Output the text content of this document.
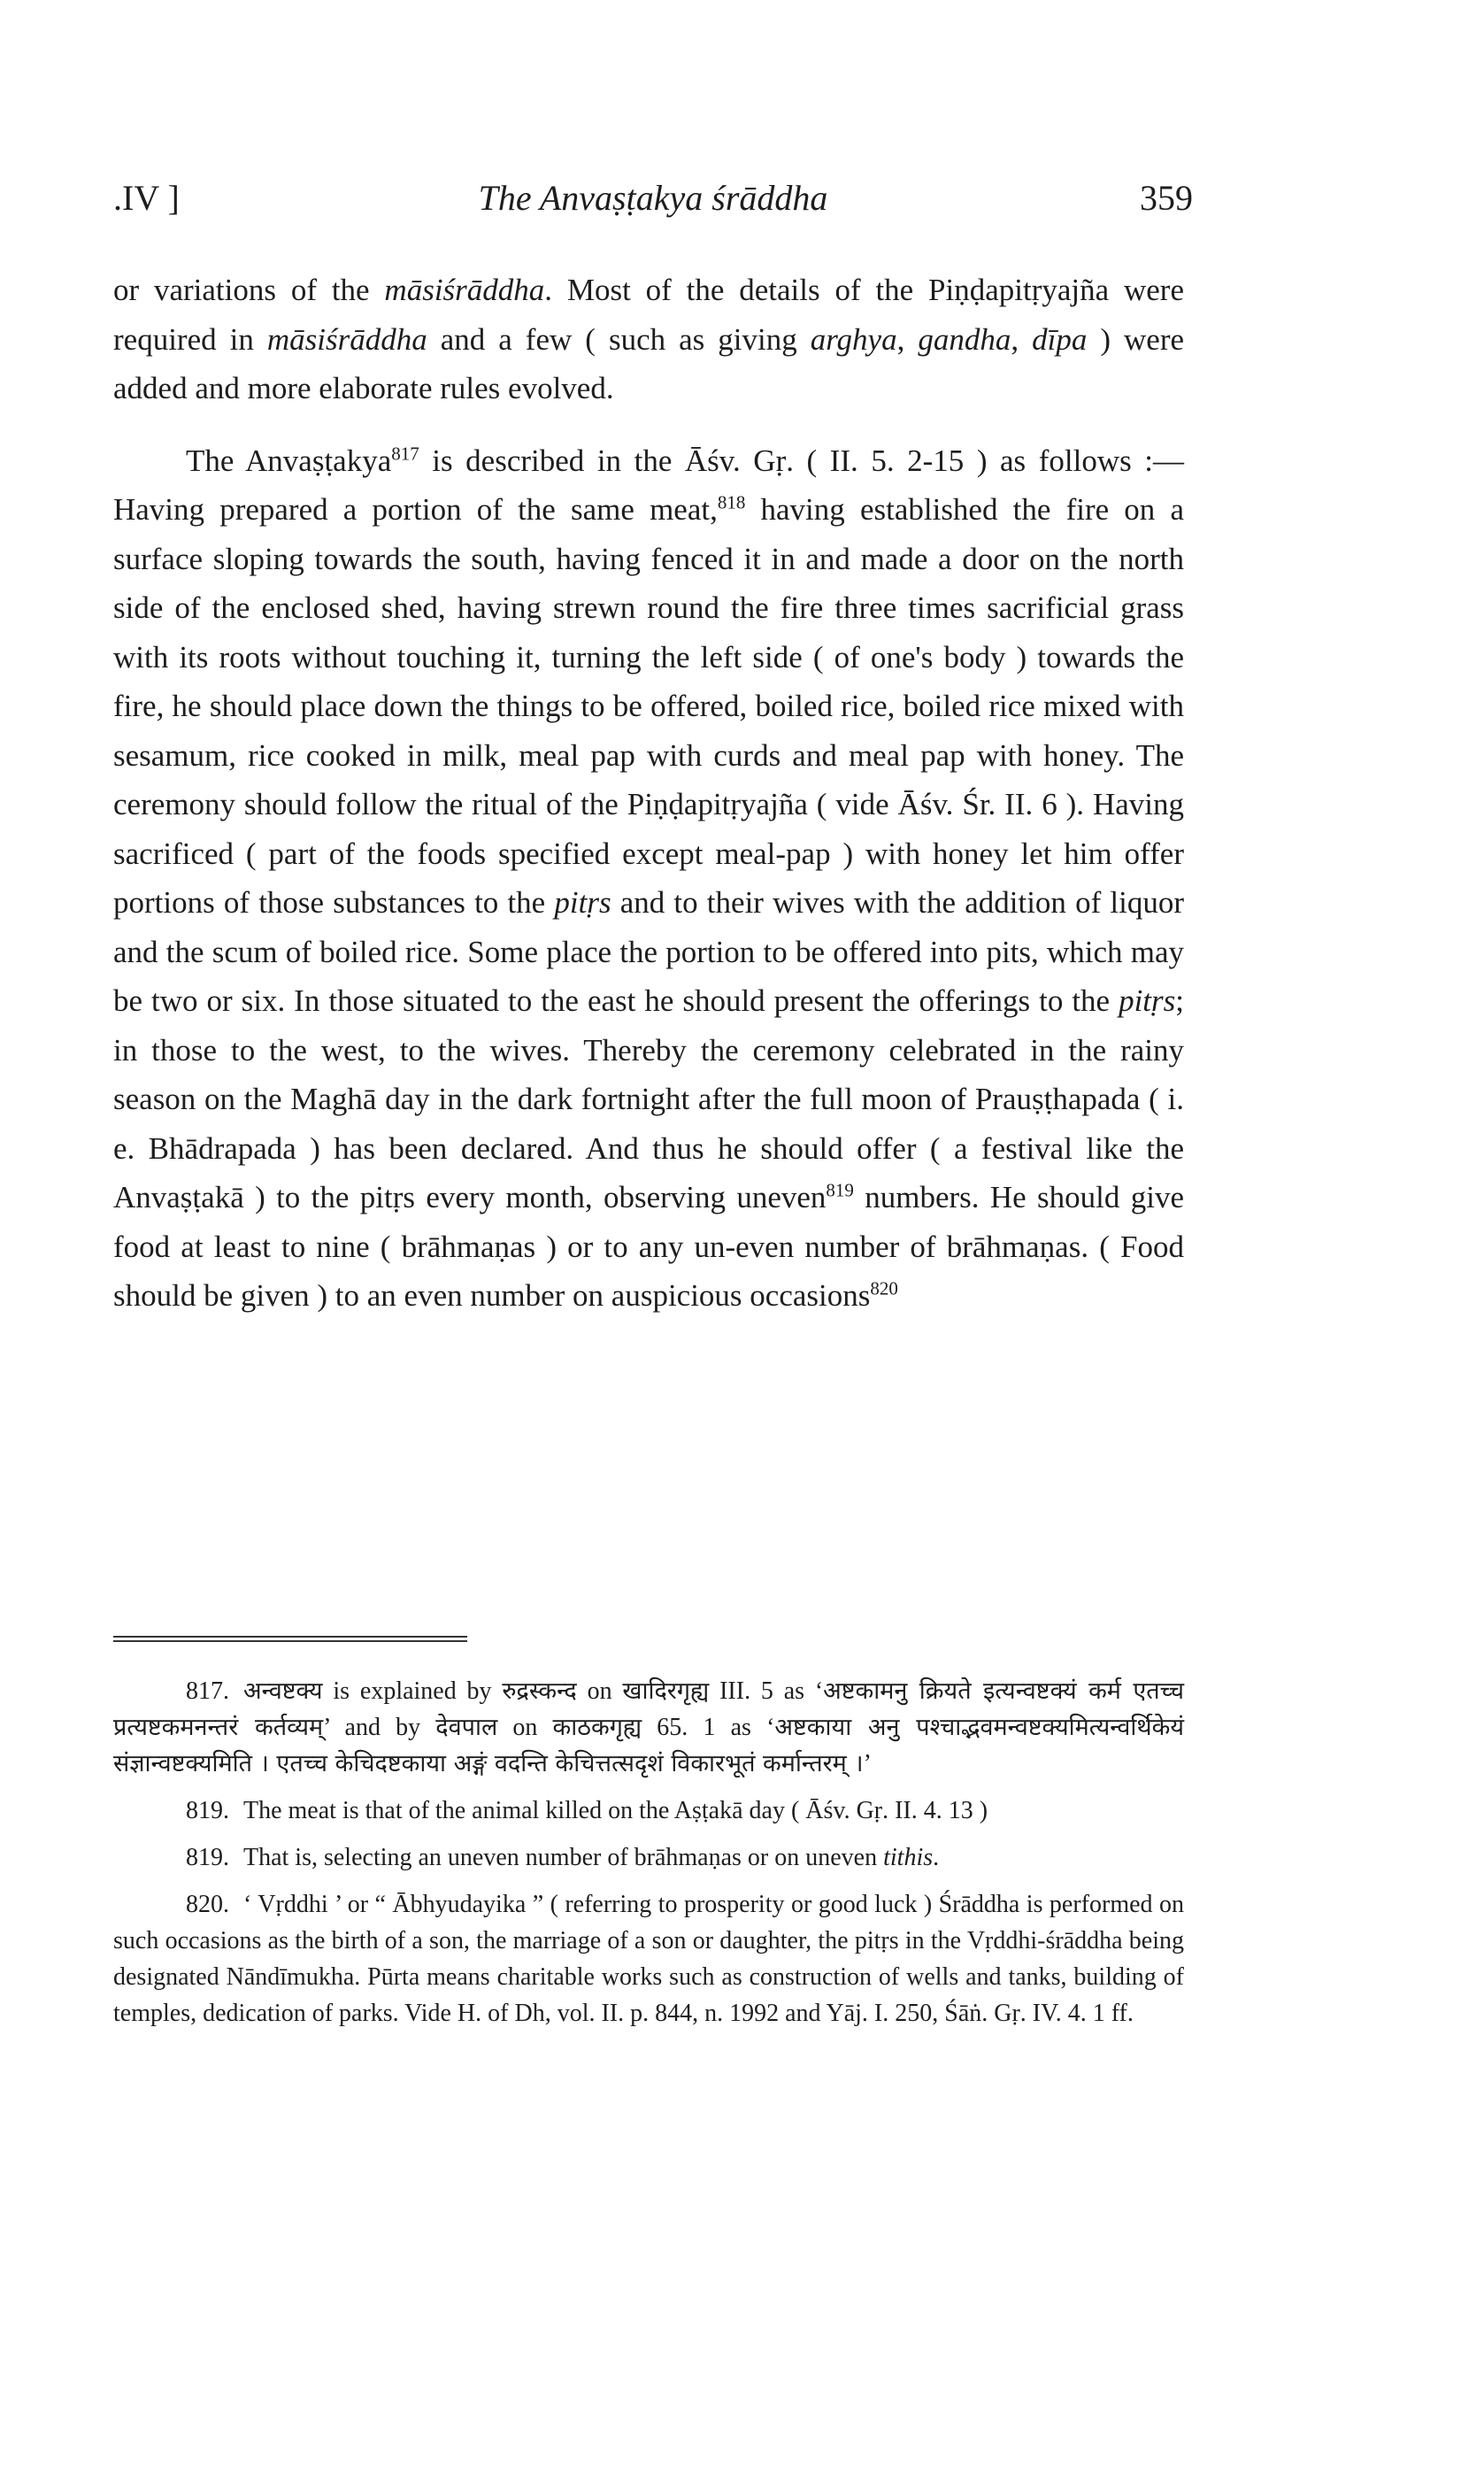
.IV ]	The Anvaṣṭakya śrāddha	359

or variations of the māsiśrāddha. Most of the details of the Piṇḍapitṛyajña were required in māsiśrāddha and a few ( such as giving arghya, gandha, dīpa ) were added and more elaborate rules evolved.

The Anvaṣṭakya$^{817}$ is described in the Āśv. Gṛ. ( II. 5. 2-15 ) as follows :— Having prepared a portion of the same meat,$^{818}$ having established the fire on a surface sloping towards the south, having fenced it in and made a door on the north side of the enclosed shed, having strewn round the fire three times sacrificial grass with its roots without touching it, turning the left side ( of one's body ) towards the fire, he should place down the things to be offered, boiled rice, boiled rice mixed with sesamum, rice cooked in milk, meal pap with curds and meal pap with honey. The ceremony should follow the ritual of the Piṇḍapitṛyajña ( vide Āśv. Śr. II. 6 ). Having sacrificed ( part of the foods specified except meal-pap ) with honey let him offer portions of those substances to the pitṛs and to their wives with the addition of liquor and the scum of boiled rice. Some place the portion to be offered into pits, which may be two or six. In those situated to the east he should present the offerings to the pitṛs; in those to the west, to the wives. Thereby the ceremony celebrated in the rainy season on the Maghā day in the dark fortnight after the full moon of Prauṣṭhapada ( i. e. Bhādrapada ) has been declared. And thus he should offer ( a festival like the Anvaṣṭakā ) to the pitṛs every month, observing uneven$^{819}$ numbers. He should give food at least to nine ( brāhmaṇas ) or to any un-even number of brāhmaṇas. ( Food should be given ) to an even number on auspicious occasions$^{820}$

817. अन्वष्टक्य is explained by रुद्रस्कन्द on खादिरगृह्य III. 5 as ‘अष्टकामनु क्रियते इत्यन्वष्टक्यं कर्म एतच्च प्रत्यष्टकमनन्तरं कर्तव्यम्’ and by देवपाल on काठकगृह्य 65. 1 as ‘अष्टकाया अनु पश्चाद्भवमन्वष्टक्यमित्यन्वर्थिकेयं संज्ञान्वष्टक्यमिति । एतच्च केचिदष्टकाया अङ्गं वदन्ति केचित्तत्सदृशं विकारभूतं कर्मान्तरम् ।’

819. The meat is that of the animal killed on the Aṣṭakā day ( Āśv. Gṛ. II. 4. 13 )

819. That is, selecting an uneven number of brāhmaṇas or on uneven tithis.

820. ‘ Vṛddhi ’ or “ Ābhyudayika ” ( referring to prosperity or good luck ) Śrāddha is performed on such occasions as the birth of a son, the marriage of a son or daughter, the pitṛs in the Vṛddhi-śrāddha being designated Nāndīmukha. Pūrta means charitable works such as construction of wells and tanks, building of temples, dedication of parks. Vide H. of Dh, vol. II. p. 844, n. 1992 and Yāj. I. 250, Śāṅ. Gṛ. IV. 4. 1 ff.
